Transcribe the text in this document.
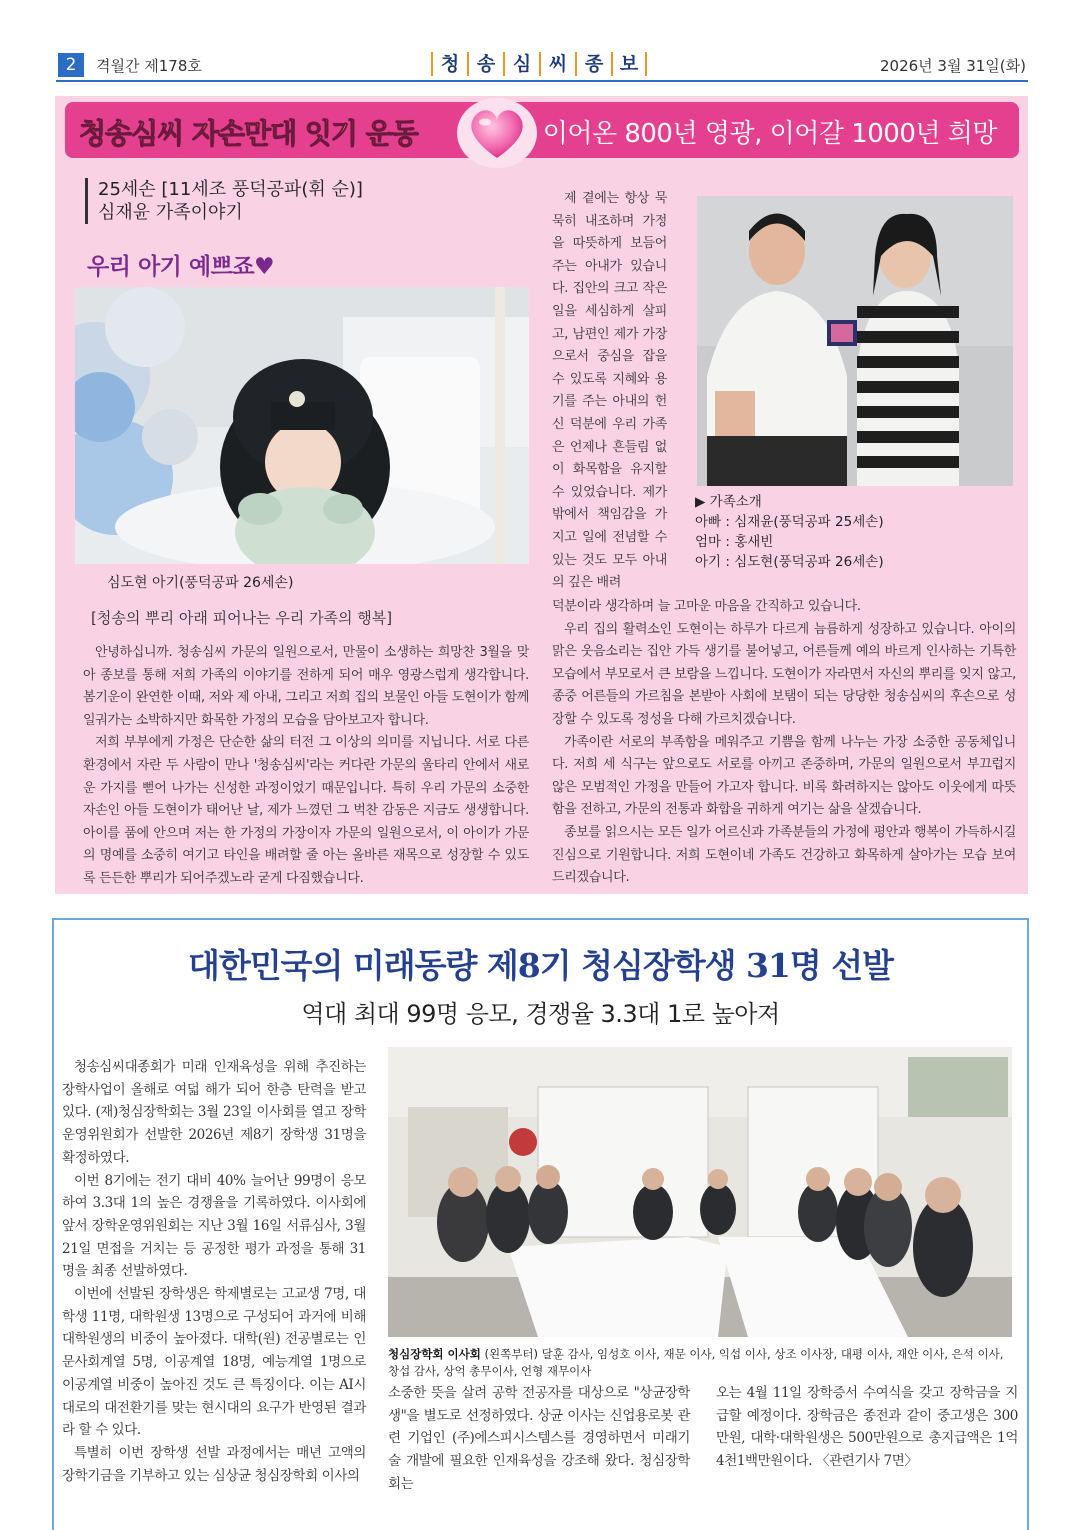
2	격월간 제178호	청 송 심 씨 종 보	2026년 3월 31일(화)
청송심씨 자손만대 잇기 운동	이어온 800년 영광, 이어갈 1000년 희망
25세손 [11세조 풍덕공파(휘 순)]
심재윤 가족이야기
우리 아기 예쁘죠♥
심도현 아기(풍덕공파 26세손)
[청송의 뿌리 아래 피어나는 우리 가족의 행복]

안녕하십니까. 청송심씨 가문의 일원으로서, 만물이 소생하는 희망찬 3월을 맞아 종보를 통해 저희 가족의 이야기를 전하게 되어 매우 영광스럽게 생각합니다. 봄기운이 완연한 이때, 저와 제 아내, 그리고 저희 집의 보물인 아들 도현이가 함께 일궈가는 소박하지만 화목한 가정의 모습을 담아보고자 합니다.

저희 부부에게 가정은 단순한 삶의 터전 그 이상의 의미를 지닙니다. 서로 다른 환경에서 자란 두 사람이 만나 '청송심씨'라는 커다란 가문의 울타리 안에서 새로운 가지를 뻗어 나가는 신성한 과정이었기 때문입니다. 특히 우리 가문의 소중한 자손인 아들 도현이가 태어난 날, 제가 느꼈던 그 벅찬 감동은 지금도 생생합니다. 아이를 품에 안으며 저는 한 가정의 가장이자 가문의 일원으로서, 이 아이가 가문의 명예를 소중히 여기고 타인을 배려할 줄 아는 올바른 재목으로 성장할 수 있도록 든든한 뿌리가 되어주겠노라 굳게 다짐했습니다.

제 곁에는 항상 묵묵히 내조하며 가정을 따뜻하게 보듬어 주는 아내가 있습니다. 집안의 크고 작은 일을 세심하게 살피고, 남편인 제가 가장으로서 중심을 잡을 수 있도록 지혜와 용기를 주는 아내의 헌신 덕분에 우리 가족은 언제나 흔들림 없이 화목함을 유지할 수 있었습니다. 제가 밖에서 책임감을 가지고 일에 전념할 수 있는 것도 모두 아내의 깊은 배려

▶ 가족소개
아빠 : 심재윤(풍덕공파 25세손)
엄마 : 홍새빈
아기 : 심도현(풍덕공파 26세손)

덕분이라 생각하며 늘 고마운 마음을 간직하고 있습니다.

우리 집의 활력소인 도현이는 하루가 다르게 늠름하게 성장하고 있습니다. 아이의 맑은 웃음소리는 집안 가득 생기를 불어넣고, 어른들께 예의 바르게 인사하는 기특한 모습에서 부모로서 큰 보람을 느낍니다. 도현이가 자라면서 자신의 뿌리를 잊지 않고, 종중 어른들의 가르침을 본받아 사회에 보탬이 되는 당당한 청송심씨의 후손으로 성장할 수 있도록 정성을 다해 가르치겠습니다.

가족이란 서로의 부족함을 메워주고 기쁨을 함께 나누는 가장 소중한 공동체입니다. 저희 세 식구는 앞으로도 서로를 아끼고 존중하며, 가문의 일원으로서 부끄럽지 않은 모범적인 가정을 만들어 가고자 합니다. 비록 화려하지는 않아도 이웃에게 따뜻함을 전하고, 가문의 전통과 화합을 귀하게 여기는 삶을 살겠습니다.

종보를 읽으시는 모든 일가 어르신과 가족분들의 가정에 평안과 행복이 가득하시길 진심으로 기원합니다. 저희 도현이네 가족도 건강하고 화목하게 살아가는 모습 보여드리겠습니다.

대한민국의 미래동량 제8기 청심장학생 31명 선발
역대 최대 99명 응모, 경쟁율 3.3대 1로 높아져

청송심씨대종회가 미래 인재육성을 위해 추진하는 장학사업이 올해로 여덟 해가 되어 한층 탄력을 받고 있다. (재)청심장학회는 3월 23일 이사회를 열고 장학운영위원회가 선발한 2026년 제8기 장학생 31명을 확정하였다.

이번 8기에는 전기 대비 40% 늘어난 99명이 응모하여 3.3대 1의 높은 경쟁율을 기록하였다. 이사회에 앞서 장학운영위원회는 지난 3월 16일 서류심사, 3월 21일 면접을 거치는 등 공정한 평가 과정을 통해 31명을 최종 선발하였다.

이번에 선발된 장학생은 학제별로는 고교생 7명, 대학생 11명, 대학원생 13명으로 구성되어 과거에 비해 대학원생의 비중이 높아졌다. 대학(원) 전공별로는 인문사회계열 5명, 이공계열 18명, 예능계열 1명으로 이공계열 비중이 높아진 것도 큰 특징이다. 이는 AI시대로의 대전환기를 맞는 현시대의 요구가 반영된 결과라 할 수 있다.

특별히 이번 장학생 선발 과정에서는 매년 고액의 장학기금을 기부하고 있는 심상균 청심장학회 이사의

청심장학회 이사회 (왼쪽부터) 달훈 감사, 임성호 이사, 재문 이사, 익섭 이사, 상조 이사장, 대평 이사, 재안 이사, 은석 이사, 창섭 감사, 상억 총무이사, 언형 재무이사

소중한 뜻을 살려 공학 전공자를 대상으로 "상균장학생"을 별도로 선정하였다. 상균 이사는 신업용로봇 관련 기업인 (주)에스피시스템스를 경영하면서 미래기술 개발에 필요한 인재육성을 강조해 왔다. 청심장학회는

오는 4월 11일 장학증서 수여식을 갖고 장학금을 지급할 예정이다. 장학금은 종전과 같이 중고생은 300만원, 대학·대학원생은 500만원으로 총지급액은 1억4천1백만원이다. 〈관련기사 7면〉
